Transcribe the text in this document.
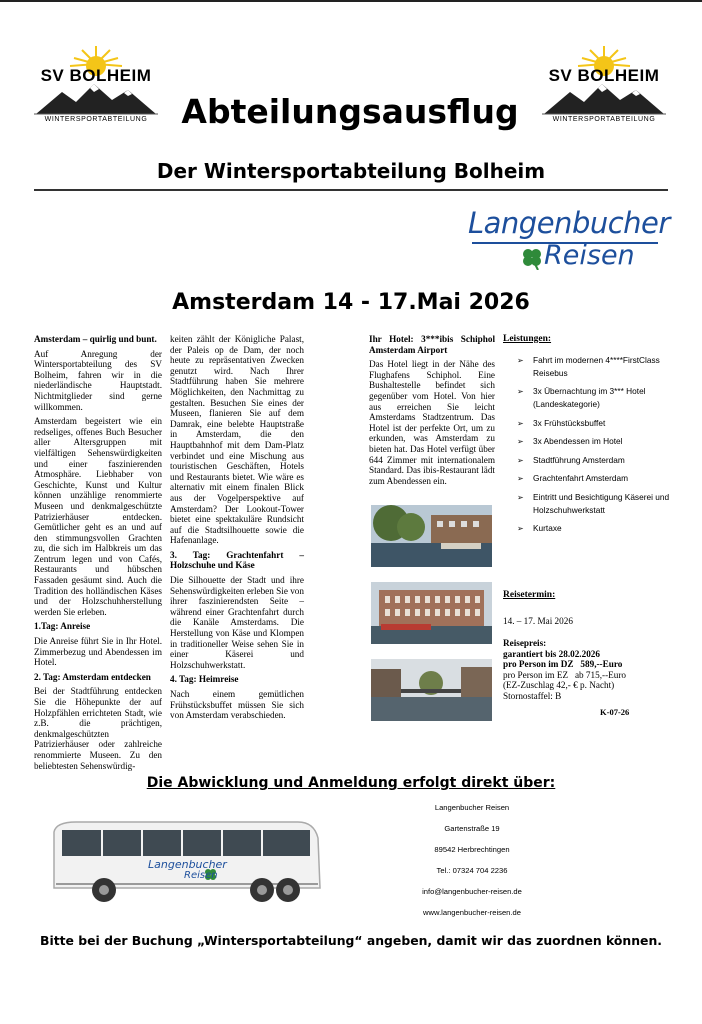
SV BOLHEIM
WINTERSPORTABTEILUNG
SV BOLHEIM
WINTERSPORTABTEILUNG
Abteilungsausflug
Der Wintersportabteilung Bolheim
Langenbucher
Reisen
Amsterdam 14 - 17.Mai 2026

Amsterdam – quirlig und bunt.

Auf Anregung der Wintersportabteilung des SV Bolheim, fahren wir in die niederländische Hauptstadt. Nichtmitglieder sind gerne willkommen.

Amsterdam begeistert wie ein redseliges, offenes Buch Besucher aller Altersgruppen mit vielfältigen Sehenswürdigkeiten und einer faszinierenden Atmosphäre. Liebhaber von Geschichte, Kunst und Kultur können unzählige renommierte Museen und denkmalgeschützte Patrizierhäuser entdecken. Gemütlicher geht es an und auf den stimmungsvollen Grachten zu, die sich im Halbkreis um das Zentrum legen und von Cafés, Restaurants und hübschen Fassaden gesäumt sind. Auch die Tradition des holländischen Käses und der Holzschuhherstellung werden Sie erleben.

1.Tag: Anreise

Die Anreise führt Sie in Ihr Hotel. Zimmerbezug und Abendessen im Hotel.

2. Tag: Amsterdam entdecken

Bei der Stadtführung entdecken Sie die Höhepunkte der auf Holzpfählen errichteten Stadt, wie z.B. die prächtigen, denkmalgeschützten Patrizierhäuser oder zahlreiche renommierte Museen. Zu den beliebtesten Sehenswürdig-

keiten zählt der Königliche Palast, der Paleis op de Dam, der noch heute zu repräsentativen Zwecken genutzt wird. Nach Ihrer Stadtführung haben Sie mehrere Möglichkeiten, den Nachmittag zu gestalten. Besuchen Sie eines der Museen, flanieren Sie auf dem Damrak, eine belebte Hauptstraße in Amsterdam, die den Hauptbahnhof mit dem Dam-Platz verbindet und eine Mischung aus touristischen Geschäften, Hotels und Restaurants bietet. Wie wäre es alternativ mit einem finalen Blick aus der Vogelperspektive auf Amsterdam? Der Lookout-Tower bietet eine spektakuläre Rundsicht auf die Stadtsilhouette sowie die Hafenanlage.

3. Tag: Grachtenfahrt – Holzschuhe und Käse

Die Silhouette der Stadt und ihre Sehenswürdigkeiten erleben Sie von ihrer faszinierendsten Seite – während einer Grachtenfahrt durch die Kanäle Amsterdams. Die Herstellung von Käse und Klompen in traditioneller Weise sehen Sie in einer Käserei und Holzschuhwerkstatt.

4. Tag: Heimreise

Nach einem gemütlichen Frühstücksbuffet müssen Sie sich von Amsterdam verabschieden.

Ihr Hotel: 3***ibis Schiphol Amsterdam Airport

Das Hotel liegt in der Nähe des Flughafens Schiphol. Eine Bushaltestelle befindet sich gegenüber vom Hotel. Von hier aus erreichen Sie leicht Amsterdams Stadtzentrum. Das Hotel ist der perfekte Ort, um zu erkunden, was Amsterdam zu bieten hat. Das Hotel verfügt über 644 Zimmer mit internationalem Standard. Das ibis-Restaurant lädt zum Abendessen ein.

Leistungen:
➢ Fahrt im modernen 4****FirstClass Reisebus
➢ 3x Übernachtung im 3*** Hotel (Landeskategorie)
➢ 3x Frühstücksbuffet
➢ 3x Abendessen im Hotel
➢ Stadtführung Amsterdam
➢ Grachtenfahrt Amsterdam
➢ Eintritt und Besichtigung Käserei und Holzschuhwerkstatt
➢ Kurtaxe
Reisetermin:
14. – 17. Mai 2026
Reisepreis:
garantiert bis 28.02.2026
pro Person im DZ   589,--Euro
pro Person im EZ   ab 715,--Euro
(EZ-Zuschlag 42,- € p. Nacht)
Stornostaffel: B
K-07-26
Die Abwicklung und Anmeldung erfolgt direkt über:
Langenbucher
Reisen
Langenbucher Reisen
Gartenstraße 19
89542 Herbrechtingen
Tel.: 07324 704 2236
info@langenbucher-reisen.de
www.langenbucher-reisen.de
Bitte bei der Buchung „Wintersportabteilung“ angeben, damit wir das zuordnen können.
